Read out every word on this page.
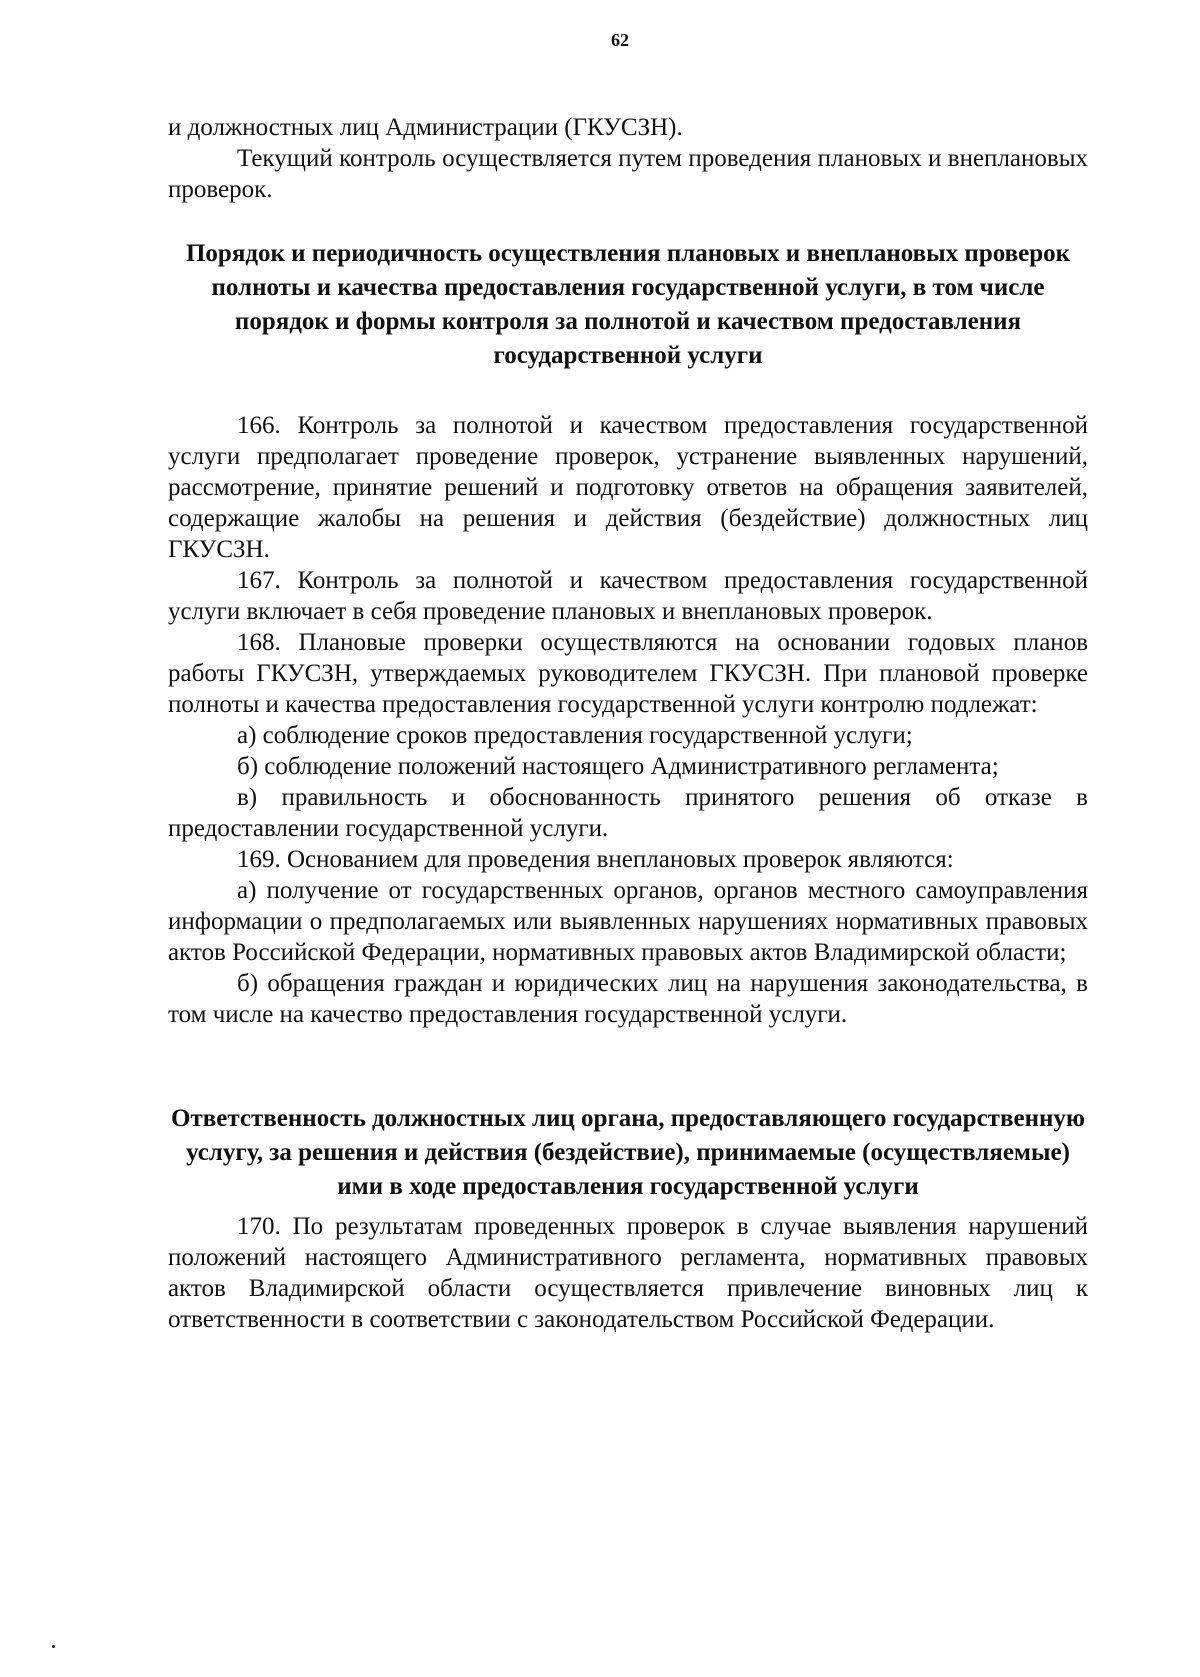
62

и должностных лиц Администрации (ГКУСЗН).

Текущий контроль осуществляется путем проведения плановых и внеплановых проверок.

Порядок и периодичность осуществления плановых и внеплановых проверок полноты и качества предоставления государственной услуги, в том числе порядок и формы контроля за полнотой и качеством предоставления государственной услуги

166. Контроль за полнотой и качеством предоставления государственной услуги предполагает проведение проверок, устранение выявленных нарушений, рассмотрение, принятие решений и подготовку ответов на обращения заявителей, содержащие жалобы на решения и действия (бездействие) должностных лиц ГКУСЗН.

167. Контроль за полнотой и качеством предоставления государственной услуги включает в себя проведение плановых и внеплановых проверок.

168. Плановые проверки осуществляются на основании годовых планов работы ГКУСЗН, утверждаемых руководителем ГКУСЗН. При плановой проверке полноты и качества предоставления государственной услуги контролю подлежат:

а) соблюдение сроков предоставления государственной услуги;

б) соблюдение положений настоящего Административного регламента;

в) правильность и обоснованность принятого решения об отказе в предоставлении государственной услуги.

169. Основанием для проведения внеплановых проверок являются:

а) получение от государственных органов, органов местного самоуправления информации о предполагаемых или выявленных нарушениях нормативных правовых актов Российской Федерации, нормативных правовых актов Владимирской области;

б) обращения граждан и юридических лиц на нарушения законодательства, в том числе на качество предоставления государственной услуги.

Ответственность должностных лиц органа, предоставляющего государственную услугу, за решения и действия (бездействие), принимаемые (осуществляемые) ими в ходе предоставления государственной услуги

170. По результатам проведенных проверок в случае выявления нарушений положений настоящего Административного регламента, нормативных правовых актов Владимирской области осуществляется привлечение виновных лиц к ответственности в соответствии с законодательством Российской Федерации.
